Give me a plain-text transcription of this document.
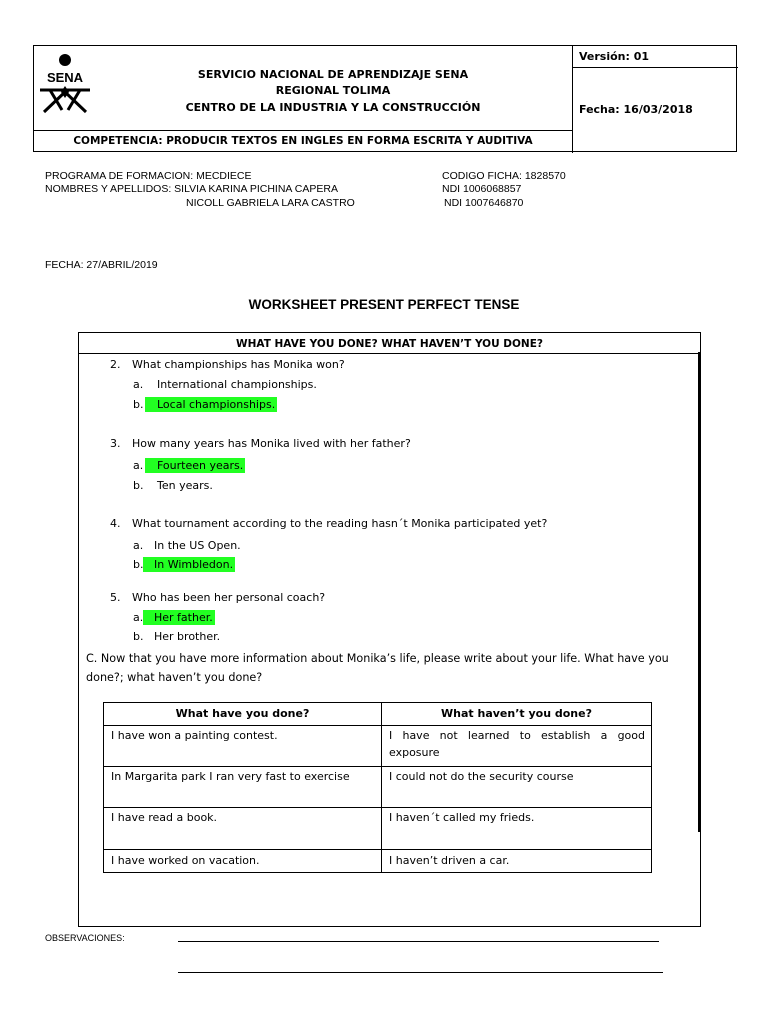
SENA	SERVICIO NACIONAL DE APRENDIZAJE SENA
REGIONAL TOLIMA
CENTRO DE LA INDUSTRIA Y LA CONSTRUCCIÓN
COMPETENCIA: PRODUCIR TEXTOS EN INGLES EN FORMA ESCRITA Y AUDITIVA
Versión: 01
Fecha: 16/03/2018
PROGRAMA DE FORMACION: MECDIECE
NOMBRES Y APELLIDOS: SILVIA KARINA PICHINA CAPERA
NICOLL GABRIELA LARA CASTRO
CODIGO FICHA: 1828570
NDI 1006068857
NDI 1007646870
FECHA: 27/ABRIL/2019
WORKSHEET PRESENT PERFECT TENSE
WHAT HAVE YOU DONE? WHAT HAVEN’T YOU DONE?
2. What championships has Monika won?
a. International championships.
b.	Local championships.
3. How many years has Monika lived with her father?
a.	Fourteen years.
b. Ten years.
4. What tournament according to the reading hasn´t Monika participated yet?
a. In the US Open.
b. In Wimbledon.
5. Who has been her personal coach?
a. Her father.
b. Her brother.
C. Now that you have more information about Monika’s life, please write about your life. What have you
done?; what haven’t you done?
What have you done?	What haven’t you done?
I have won a painting contest.	I have not learned to establish a good exposure
In Margarita park I ran very fast to exercise	I could not do the security course
I have read a book.	I haven´t called my frieds.
I have worked on vacation.	I haven’t driven a car.
OBSERVACIONES:
